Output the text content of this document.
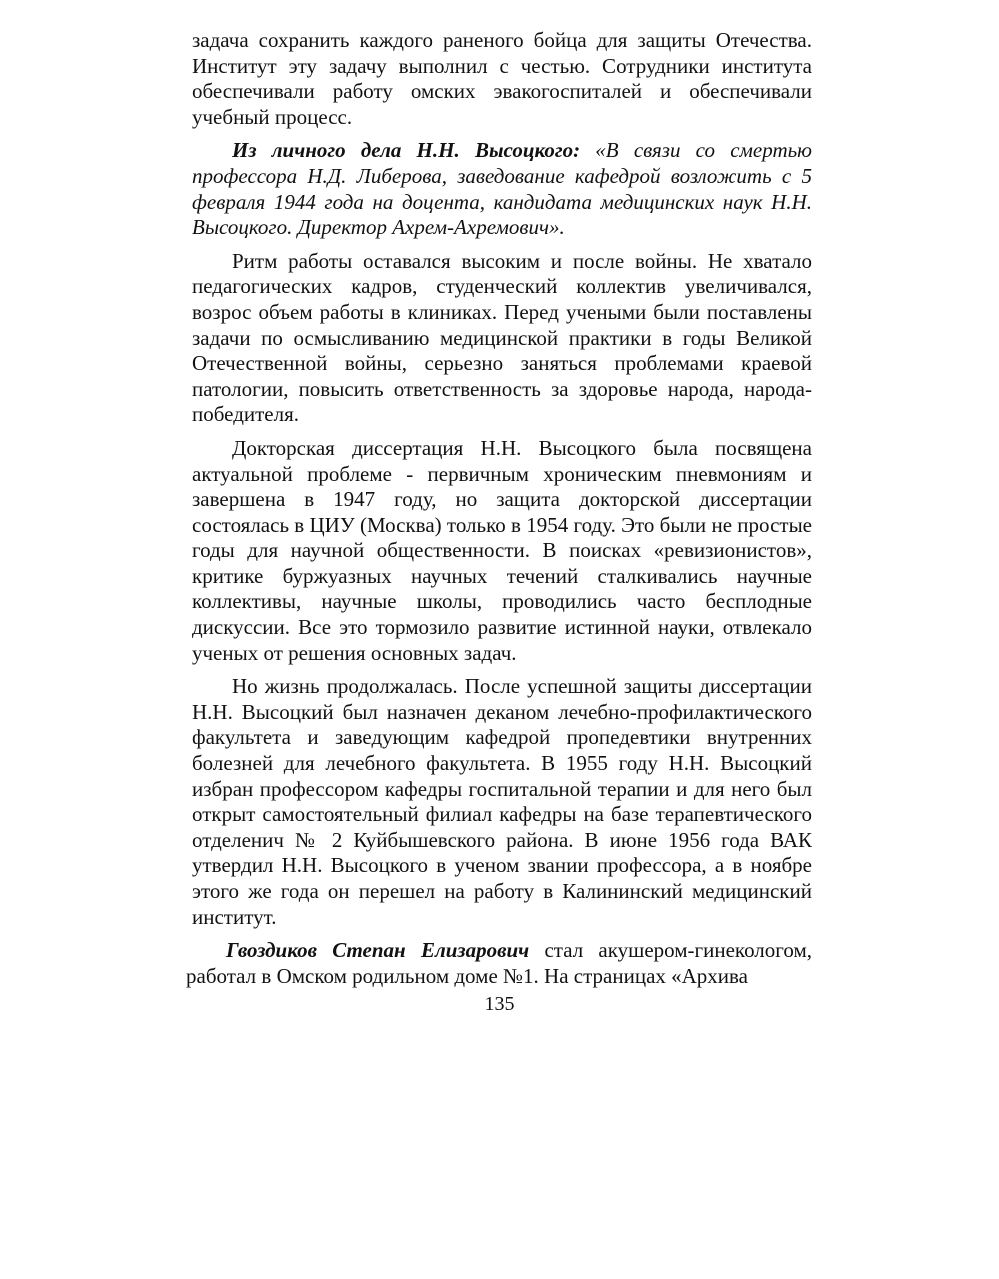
задача сохранить каждого раненого бойца для защиты Отечества. Институт эту задачу выполнил с честью. Сотрудники института обеспечивали работу омских эвакогоспиталей и обеспечивали учебный процесс.

Из личного дела Н.Н. Высоцкого: «В связи со смертью профессора Н.Д. Либерова, заведование кафедрой возложить с 5 февраля 1944 года на доцента, кандидата медицинских наук Н.Н. Высоцкого. Директор Ахрем-Ахремович».

Ритм работы оставался высоким и после войны. Не хватало педагогических кадров, студенческий коллектив увеличивался, возрос объем работы в клиниках. Перед учеными были поставлены задачи по осмысливанию медицинской практики в годы Великой Отечественной войны, серьезно заняться проблемами краевой патологии, повысить ответственность за здоровье народа, народа-победителя.

Докторская диссертация Н.Н. Высоцкого была посвящена актуальной проблеме - первичным хроническим пневмониям и завершена в 1947 году, но защита докторской диссертации состоялась в ЦИУ (Москва) только в 1954 году. Это были не простые годы для научной общественности. В поисках «ревизионистов», критике буржуазных научных течений сталкивались научные коллективы, научные школы, проводились часто бесплодные дискуссии. Все это тормозило развитие истинной науки, отвлекало ученых от решения основных задач.

Но жизнь продолжалась. После успешной защиты диссертации Н.Н. Высоцкий был назначен деканом лечебно-профилактического факультета и заведующим кафедрой пропедевтики внутренних болезней для лечебного факультета. В 1955 году Н.Н. Высоцкий избран профессором кафедры госпитальной терапии и для него был открыт самостоятельный филиал кафедры на базе терапевтического отделенич № 2 Куйбышевского района. В июне 1956 года ВАК утвердил Н.Н. Высоцкого в ученом звании профессора, а в ноябре этого же года он перешел на работу в Калининский медицинский институт.

Гвоздиков Степан Елизарович стал акушером-гинекологом, работал в Омском родильном доме №1. На страницах «Архива

135
